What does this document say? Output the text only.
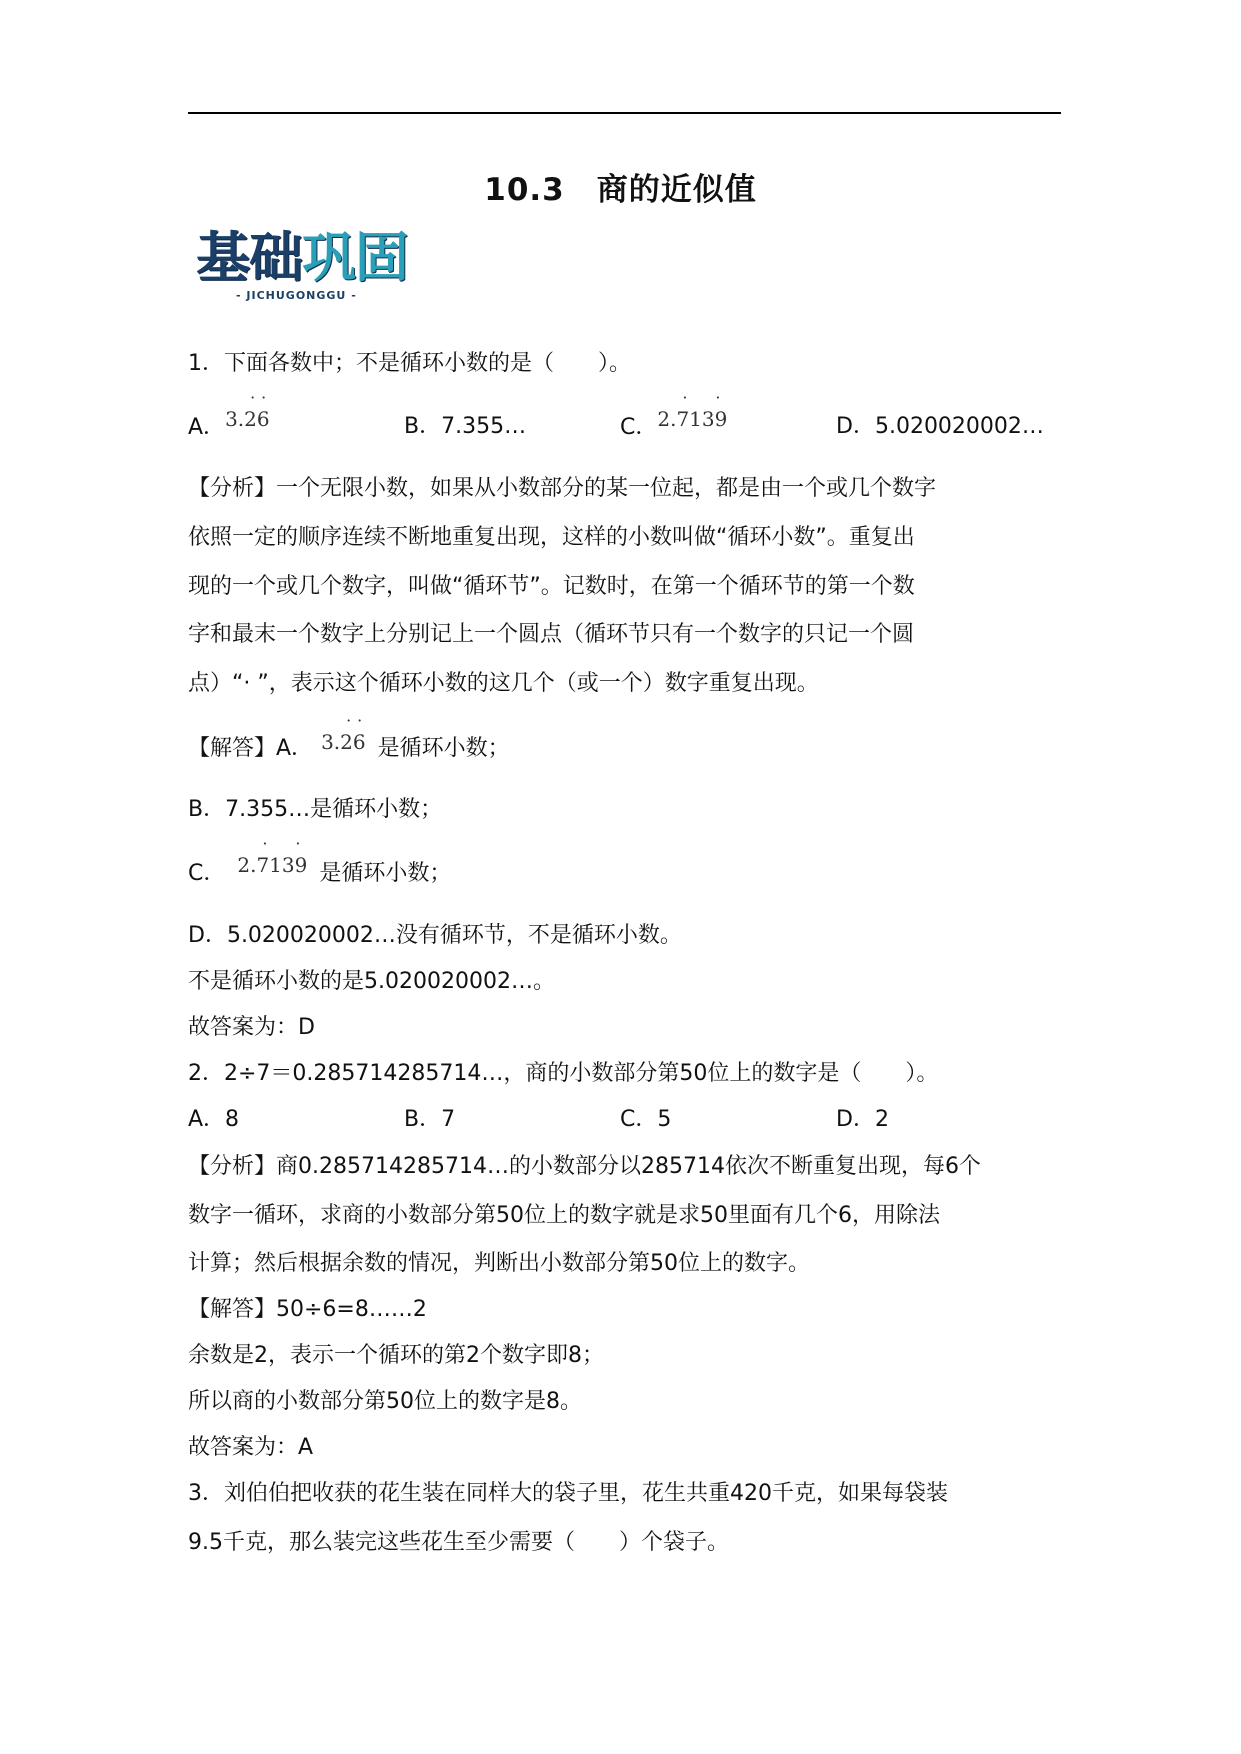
10.3　商的近似值
基础巩固
- JICHUGONGGU -
1．下面各数中；不是循环小数的是（　　）。
A．3.26
· ·
B．7.355…	C．2.7139
· ·
D．5.020020002…
【分析】一个无限小数，如果从小数部分的某一位起，都是由一个或几个数字
依照一定的顺序连续不断地重复出现，这样的小数叫做“循环小数”。重复出
现的一个或几个数字，叫做“循环节”。记数时，在第一个循环节的第一个数
字和最末一个数字上分别记上一个圆点（循环节只有一个数字的只记一个圆
点）“· ”，表示这个循环小数的这几个（或一个）数字重复出现。
【解答】A． 3.26
· ·
是循环小数；
B．7.355…是循环小数；
C． 2.7139
· ·
是循环小数；
D．5.020020002…没有循环节，不是循环小数。
不是循环小数的是5.020020002…。
故答案为：D
2．2÷7＝0.285714285714…，商的小数部分第50位上的数字是（　　）。
A．8	B．7	C．5	D．2
【分析】商0.285714285714…的小数部分以285714依次不断重复出现，每6个
数字一循环，求商的小数部分第50位上的数字就是求50里面有几个6，用除法
计算；然后根据余数的情况，判断出小数部分第50位上的数字。
【解答】50÷6=8……2
余数是2，表示一个循环的第2个数字即8；
所以商的小数部分第50位上的数字是8。
故答案为：A
3．刘伯伯把收获的花生装在同样大的袋子里，花生共重420千克，如果每袋装
9.5千克，那么装完这些花生至少需要（　　）个袋子。
